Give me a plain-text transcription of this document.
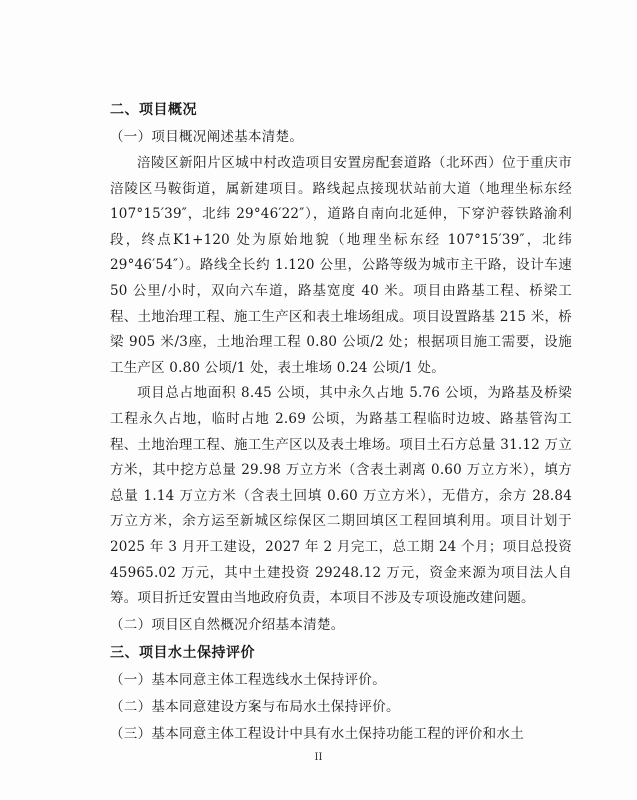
二、项目概况

（一）项目概况阐述基本清楚。

涪陵区新阳片区城中村改造项目安置房配套道路（北环西）位于重庆市涪陵区马鞍街道，属新建项目。路线起点接现状站前大道（地理坐标东经 107°15′39″，北纬 29°46′22″），道路自南向北延伸，下穿沪蓉铁路渝利段，终点K1+120 处为原始地貌（地理坐标东经 107°15′39″，北纬 29°46′54″）。路线全长约 1.120 公里，公路等级为城市主干路，设计车速 50 公里/小时，双向六车道，路基宽度 40 米。项目由路基工程、桥梁工程、土地治理工程、施工生产区和表土堆场组成。项目设置路基 215 米，桥梁 905 米/3座，土地治理工程 0.80 公顷/2 处；根据项目施工需要，设施工生产区 0.80 公顷/1 处，表土堆场 0.24 公顷/1 处。

项目总占地面积 8.45 公顷，其中永久占地 5.76 公顷，为路基及桥梁工程永久占地，临时占地 2.69 公顷，为路基工程临时边坡、路基管沟工程、土地治理工程、施工生产区以及表土堆场。项目土石方总量 31.12 万立方米，其中挖方总量 29.98 万立方米（含表土剥离 0.60 万立方米），填方总量 1.14 万立方米（含表土回填 0.60 万立方米），无借方，余方 28.84 万立方米，余方运至新城区综保区二期回填区工程回填利用。项目计划于 2025 年 3 月开工建设，2027 年 2 月完工，总工期 24 个月；项目总投资 45965.02 万元，其中土建投资 29248.12 万元，资金来源为项目法人自筹。项目折迁安置由当地政府负责，本项目不涉及专项设施改建问题。

（二）项目区自然概况介绍基本清楚。

三、项目水土保持评价

（一）基本同意主体工程选线水土保持评价。

（二）基本同意建设方案与布局水土保持评价。

（三）基本同意主体工程设计中具有水土保持功能工程的评价和水土

II
